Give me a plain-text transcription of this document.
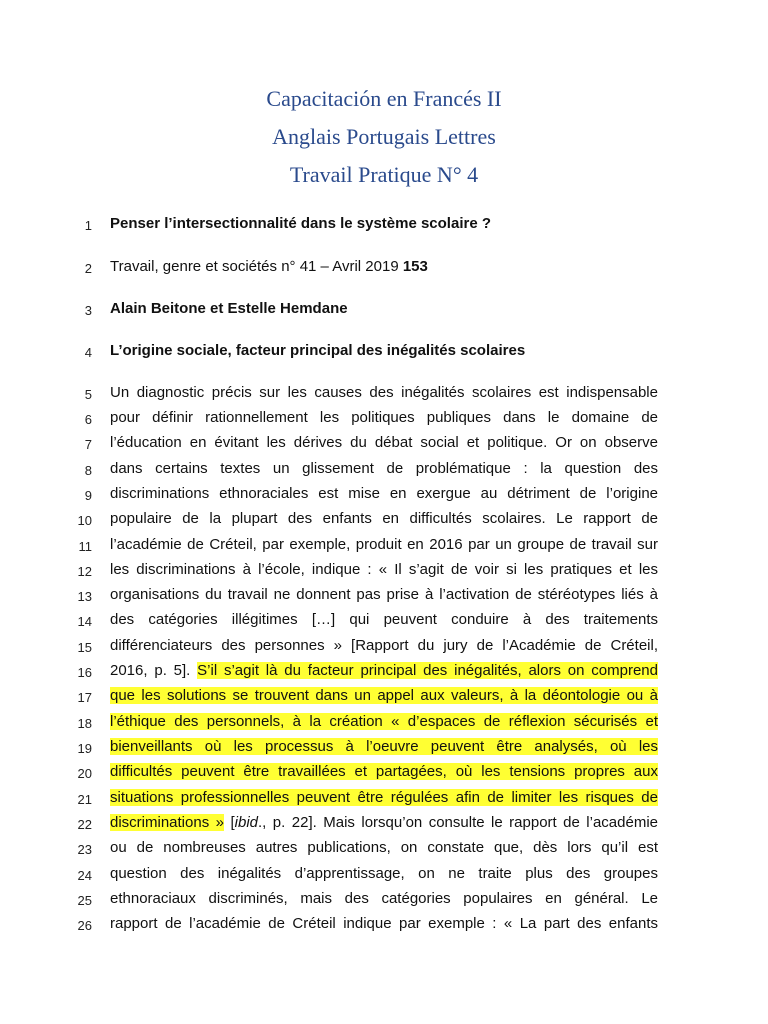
Capacitación en Francés II
Anglais Portugais Lettres
Travail Pratique N° 4
1 Penser l’intersectionnalité dans le système scolaire ?
2 Travail, genre et sociétés n° 41 – Avril 2019 153
3 Alain Beitone et Estelle Hemdane
4 L’origine sociale, facteur principal des inégalités scolaires
5 Un diagnostic précis sur les causes des inégalités scolaires est indispensable
6 pour définir rationnellement les politiques publiques dans le domaine de
7 l’éducation en évitant les dérives du débat social et politique. Or on observe
8 dans certains textes un glissement de problématique : la question des
9 discriminations ethnoraciales est mise en exergue au détriment de l’origine
10 populaire de la plupart des enfants en difficultés scolaires. Le rapport de
11 l’académie de Créteil, par exemple, produit en 2016 par un groupe de travail sur
12 les discriminations à l’école, indique : « Il s’agit de voir si les pratiques et les
13 organisations du travail ne donnent pas prise à l’activation de stéréotypes liés à
14 des catégories illégitimes […] qui peuvent conduire à des traitements
15 différenciateurs des personnes » [Rapport du jury de l’Académie de Créteil,
16 2016, p. 5]. S’il s’agit là du facteur principal des inégalités, alors on comprend
17 que les solutions se trouvent dans un appel aux valeurs, à la déontologie ou à
18 l’éthique des personnels, à la création « d’espaces de réflexion sécurisés et
19 bienveillants où les processus à l’oeuvre peuvent être analysés, où les
20 difficultés peuvent être travaillées et partagées, où les tensions propres aux
21 situations professionnelles peuvent être régulées afin de limiter les risques de
22 discriminations » [ibid., p. 22]. Mais lorsqu’on consulte le rapport de l’académie
23 ou de nombreuses autres publications, on constate que, dès lors qu’il est
24 question des inégalités d’apprentissage, on ne traite plus des groupes
25 ethnoraciaux discriminés, mais des catégories populaires en général. Le
26 rapport de l’académie de Créteil indique par exemple : « La part des enfants
